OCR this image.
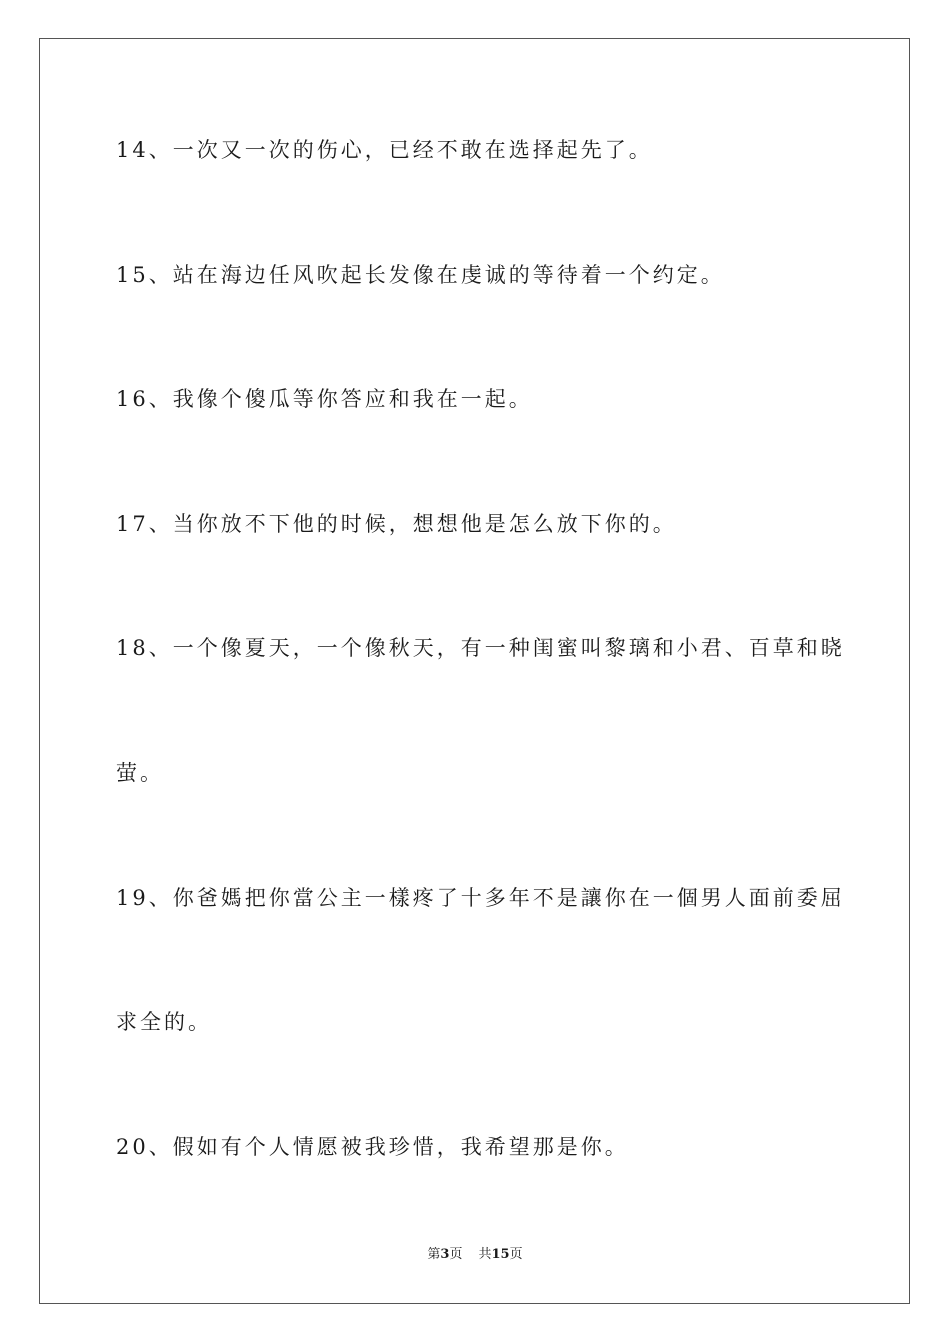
14、一次又一次的伤心，已经不敢在选择起先了。
15、站在海边任风吹起长发像在虔诚的等待着一个约定。
16、我像个傻瓜等你答应和我在一起。
17、当你放不下他的时候，想想他是怎么放下你的。
18、一个像夏天，一个像秋天，有一种闺蜜叫黎璃和小君、百草和晓
萤。
19、你爸媽把你當公主一樣疼了十多年不是讓你在一個男人面前委屈
求全的。
20、假如有个人情愿被我珍惜，我希望那是你。
第3页 共15页
